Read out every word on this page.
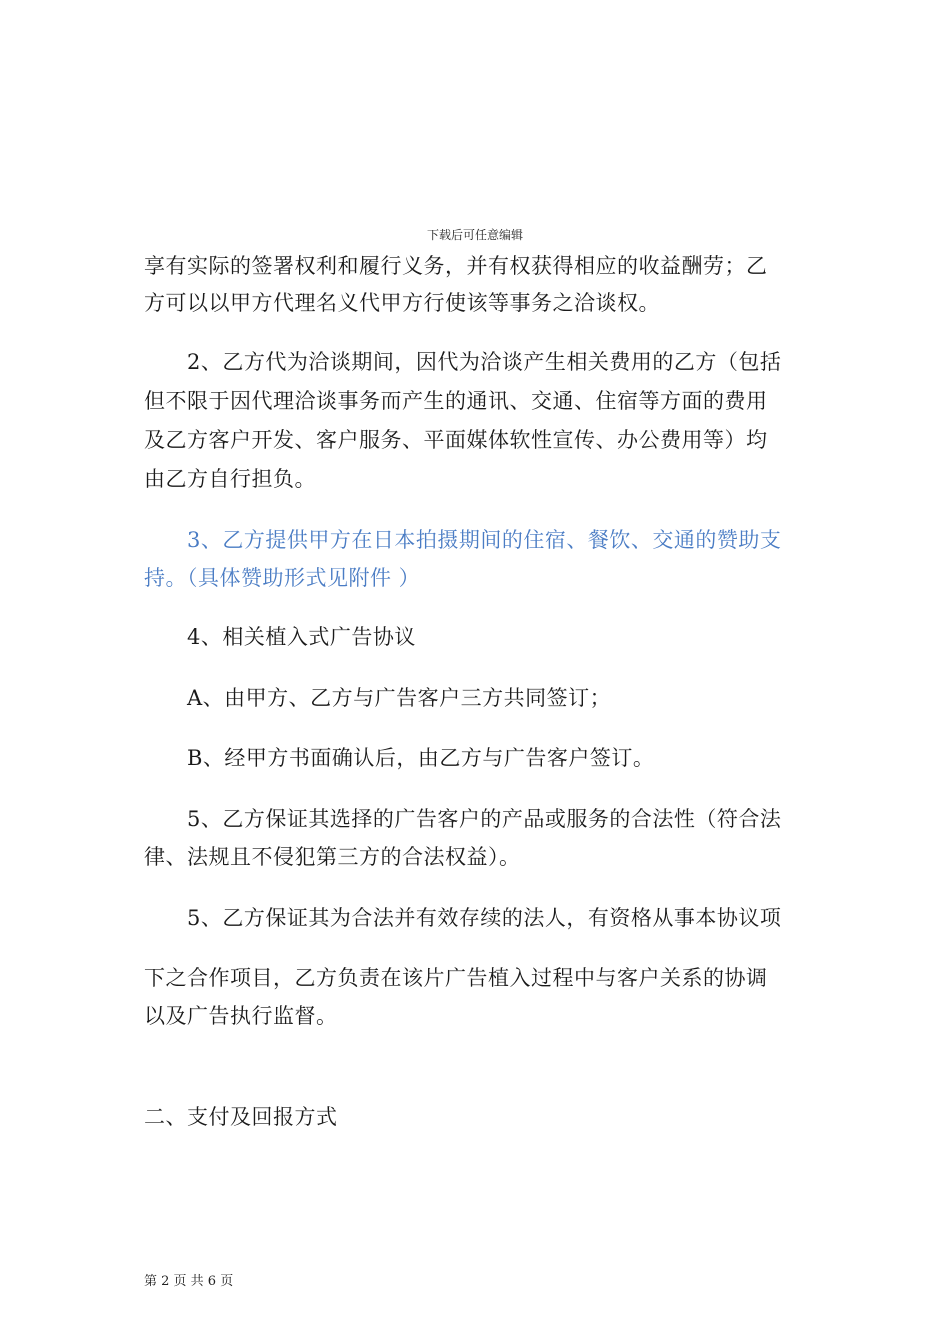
下载后可任意编辑
享有实际的签署权利和履行义务，并有权获得相应的收益酬劳；乙
方可以以甲方代理名义代甲方行使该等事务之洽谈权。
2、乙方代为洽谈期间，因代为洽谈产生相关费用的乙方（包括
但不限于因代理洽谈事务而产生的通讯、交通、住宿等方面的费用
及乙方客户开发、客户服务、平面媒体软性宣传、办公费用等）均
由乙方自行担负。
3、乙方提供甲方在日本拍摄期间的住宿、餐饮、交通的赞助支
持。（具体赞助形式见附件 ）
4、相关植入式广告协议
A、由甲方、乙方与广告客户三方共同签订；
B、经甲方书面确认后，由乙方与广告客户签订。
5、乙方保证其选择的广告客户的产品或服务的合法性（符合法
律、法规且不侵犯第三方的合法权益）。
5、乙方保证其为合法并有效存续的法人，有资格从事本协议项
下之合作项目，乙方负责在该片广告植入过程中与客户关系的协调
以及广告执行监督。
二、支付及回报方式
第 2 页 共 6 页
